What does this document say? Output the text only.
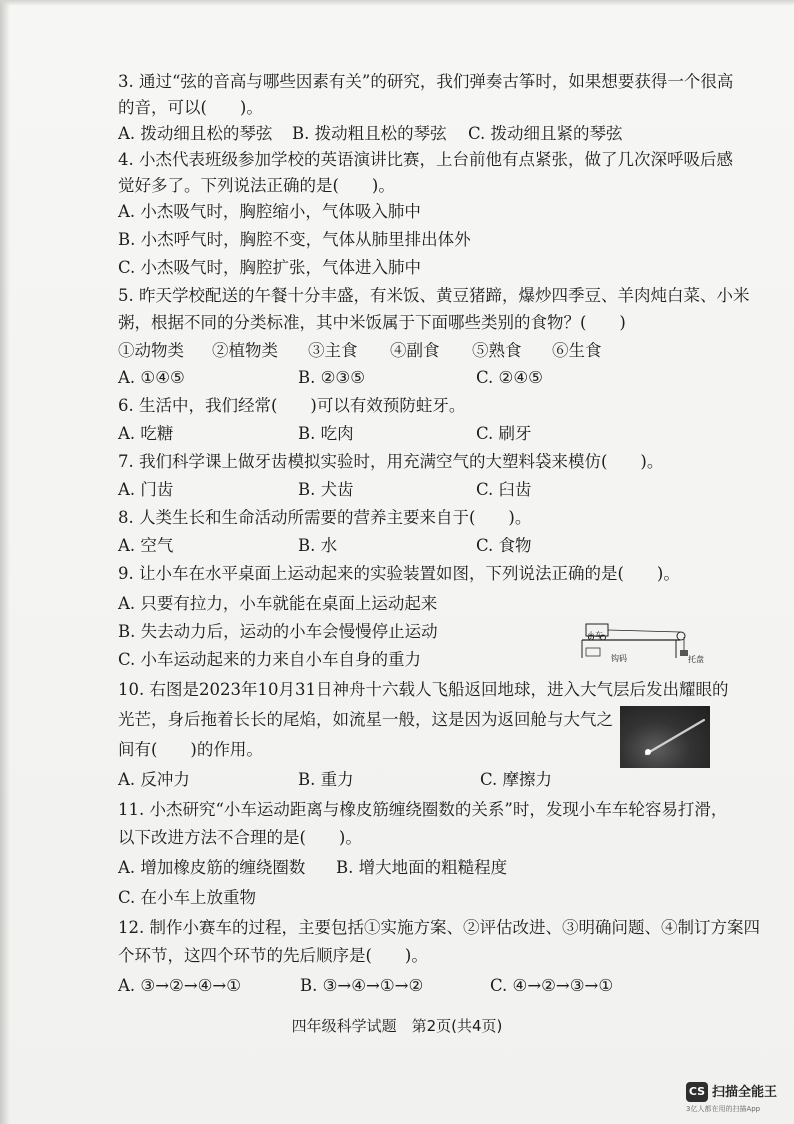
3. 通过“弦的音高与哪些因素有关”的研究，我们弹奏古筝时，如果想要获得一个很高
的音，可以(　　)。
A. 拨动细且松的琴弦 B. 拨动粗且松的琴弦 C. 拨动细且紧的琴弦
4. 小杰代表班级参加学校的英语演讲比赛，上台前他有点紧张，做了几次深呼吸后感
觉好多了。下列说法正确的是(　　)。
A. 小杰吸气时，胸腔缩小，气体吸入肺中
B. 小杰呼气时，胸腔不变，气体从肺里排出体外
C. 小杰吸气时，胸腔扩张，气体进入肺中
5. 昨天学校配送的午餐十分丰盛，有米饭、黄豆猪蹄，爆炒四季豆、羊肉炖白菜、小米
粥，根据不同的分类标准，其中米饭属于下面哪些类别的食物？(　　)
①动物类 ②植物类 ③主食 ④副食 ⑤熟食 ⑥生食
A. ①④⑤	B. ②③⑤	C. ②④⑤
6. 生活中，我们经常(　　)可以有效预防蛀牙。
A. 吃糖	B. 吃肉	C. 刷牙
7. 我们科学课上做牙齿模拟实验时，用充满空气的大塑料袋来模仿(　　)。
A. 门齿	B. 犬齿	C. 臼齿
8. 人类生长和生命活动所需要的营养主要来自于(　　)。
A. 空气	B. 水	C. 食物
9. 让小车在水平桌面上运动起来的实验装置如图，下列说法正确的是(　　)。
A. 只要有拉力，小车就能在桌面上运动起来
B. 失去动力后，运动的小车会慢慢停止运动
C. 小车运动起来的力来自小车自身的重力
小车
钩码	托盘
10. 右图是2023年10月31日神舟十六载人飞船返回地球，进入大气层后发出耀眼的
光芒，身后拖着长长的尾焰，如流星一般，这是因为返回舱与大气之
间有(　　)的作用。
A. 反冲力	B. 重力	C. 摩擦力
11. 小杰研究“小车运动距离与橡皮筋缠绕圈数的关系”时，发现小车车轮容易打滑，
以下改进方法不合理的是(　　)。
A. 增加橡皮筋的缠绕圈数 B. 增大地面的粗糙程度
C. 在小车上放重物
12. 制作小赛车的过程，主要包括①实施方案、②评估改进、③明确问题、④制订方案四
个环节，这四个环节的先后顺序是(　　)。
A. ③→②→④→①	B. ③→④→①→②	C. ④→②→③→①
四年级科学试题　第2页(共4页)
CS 扫描全能王
3亿人都在用的扫描App
